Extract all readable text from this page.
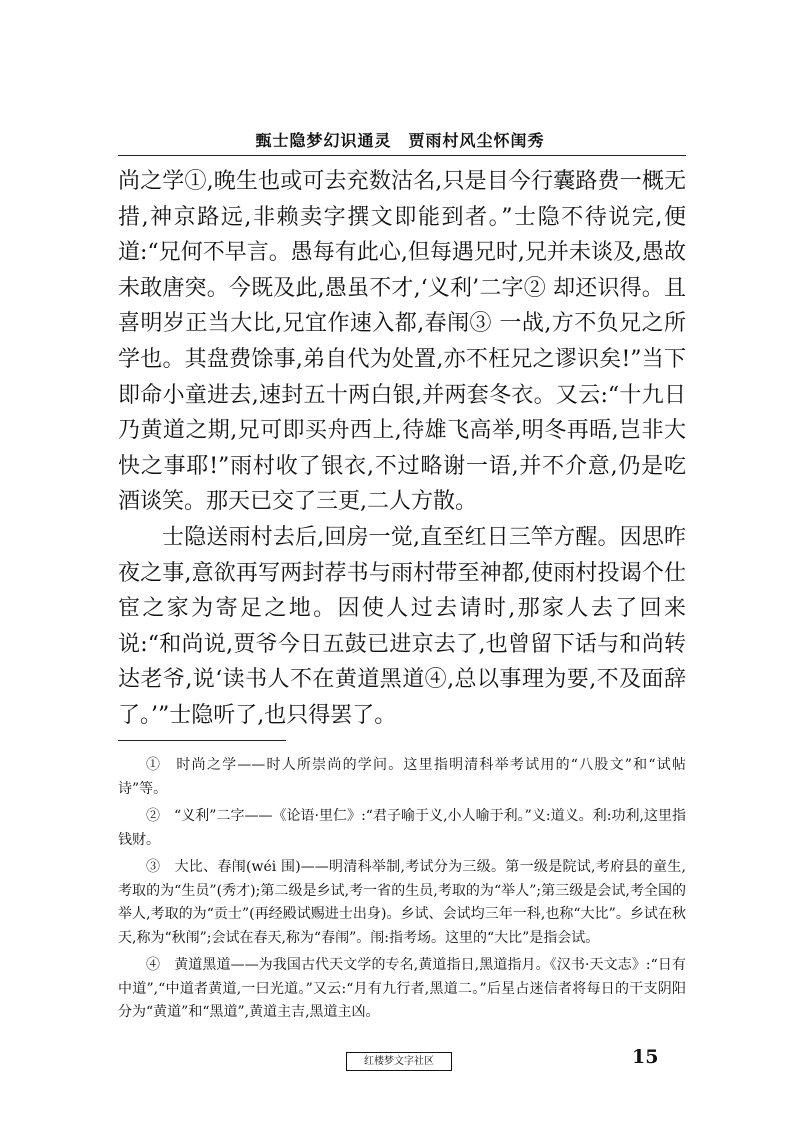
甄士隐梦幻识通灵　贾雨村风尘怀闺秀

尚之学①,晚生也或可去充数沽名,只是目今行囊路费一概无措,神京路远,非赖卖字撰文即能到者。”士隐不待说完,便道:“兄何不早言。愚每有此心,但每遇兄时,兄并未谈及,愚故未敢唐突。今既及此,愚虽不才,‘义利’二字② 却还识得。且喜明岁正当大比,兄宜作速入都,春闱③ 一战,方不负兄之所学也。其盘费馀事,弟自代为处置,亦不枉兄之谬识矣!”当下即命小童进去,速封五十两白银,并两套冬衣。又云:“十九日乃黄道之期,兄可即买舟西上,待雄飞高举,明冬再晤,岂非大快之事耶!”雨村收了银衣,不过略谢一语,并不介意,仍是吃酒谈笑。那天已交了三更,二人方散。

士隐送雨村去后,回房一觉,直至红日三竿方醒。因思昨夜之事,意欲再写两封荐书与雨村带至神都,使雨村投谒个仕宦之家为寄足之地。因使人过去请时,那家人去了回来说:“和尚说,贾爷今日五鼓已进京去了,也曾留下话与和尚转达老爷,说‘读书人不在黄道黑道④,总以事理为要,不及面辞了。’”士隐听了,也只得罢了。

①　时尚之学——时人所崇尚的学问。这里指明清科举考试用的“八股文”和“试帖诗”等。

②　“义利”二字——《论语·里仁》:“君子喻于义,小人喻于利。”义:道义。利:功利,这里指钱财。

③　大比、春闱(wéi 围)——明清科举制,考试分为三级。第一级是院试,考府县的童生,考取的为“生员”(秀才);第二级是乡试,考一省的生员,考取的为“举人”;第三级是会试,考全国的举人,考取的为“贡士”(再经殿试赐进士出身)。乡试、会试均三年一科,也称“大比”。乡试在秋天,称为“秋闱”;会试在春天,称为“春闱”。闱:指考场。这里的“大比”是指会试。

④　黄道黑道——为我国古代天文学的专名,黄道指日,黑道指月。《汉书·天文志》:“日有中道”,“中道者黄道,一曰光道。”又云:“月有九行者,黑道二。”后星占迷信者将每日的干支阴阳分为“黄道”和“黑道”,黄道主吉,黑道主凶。

红楼梦文字社区	15
